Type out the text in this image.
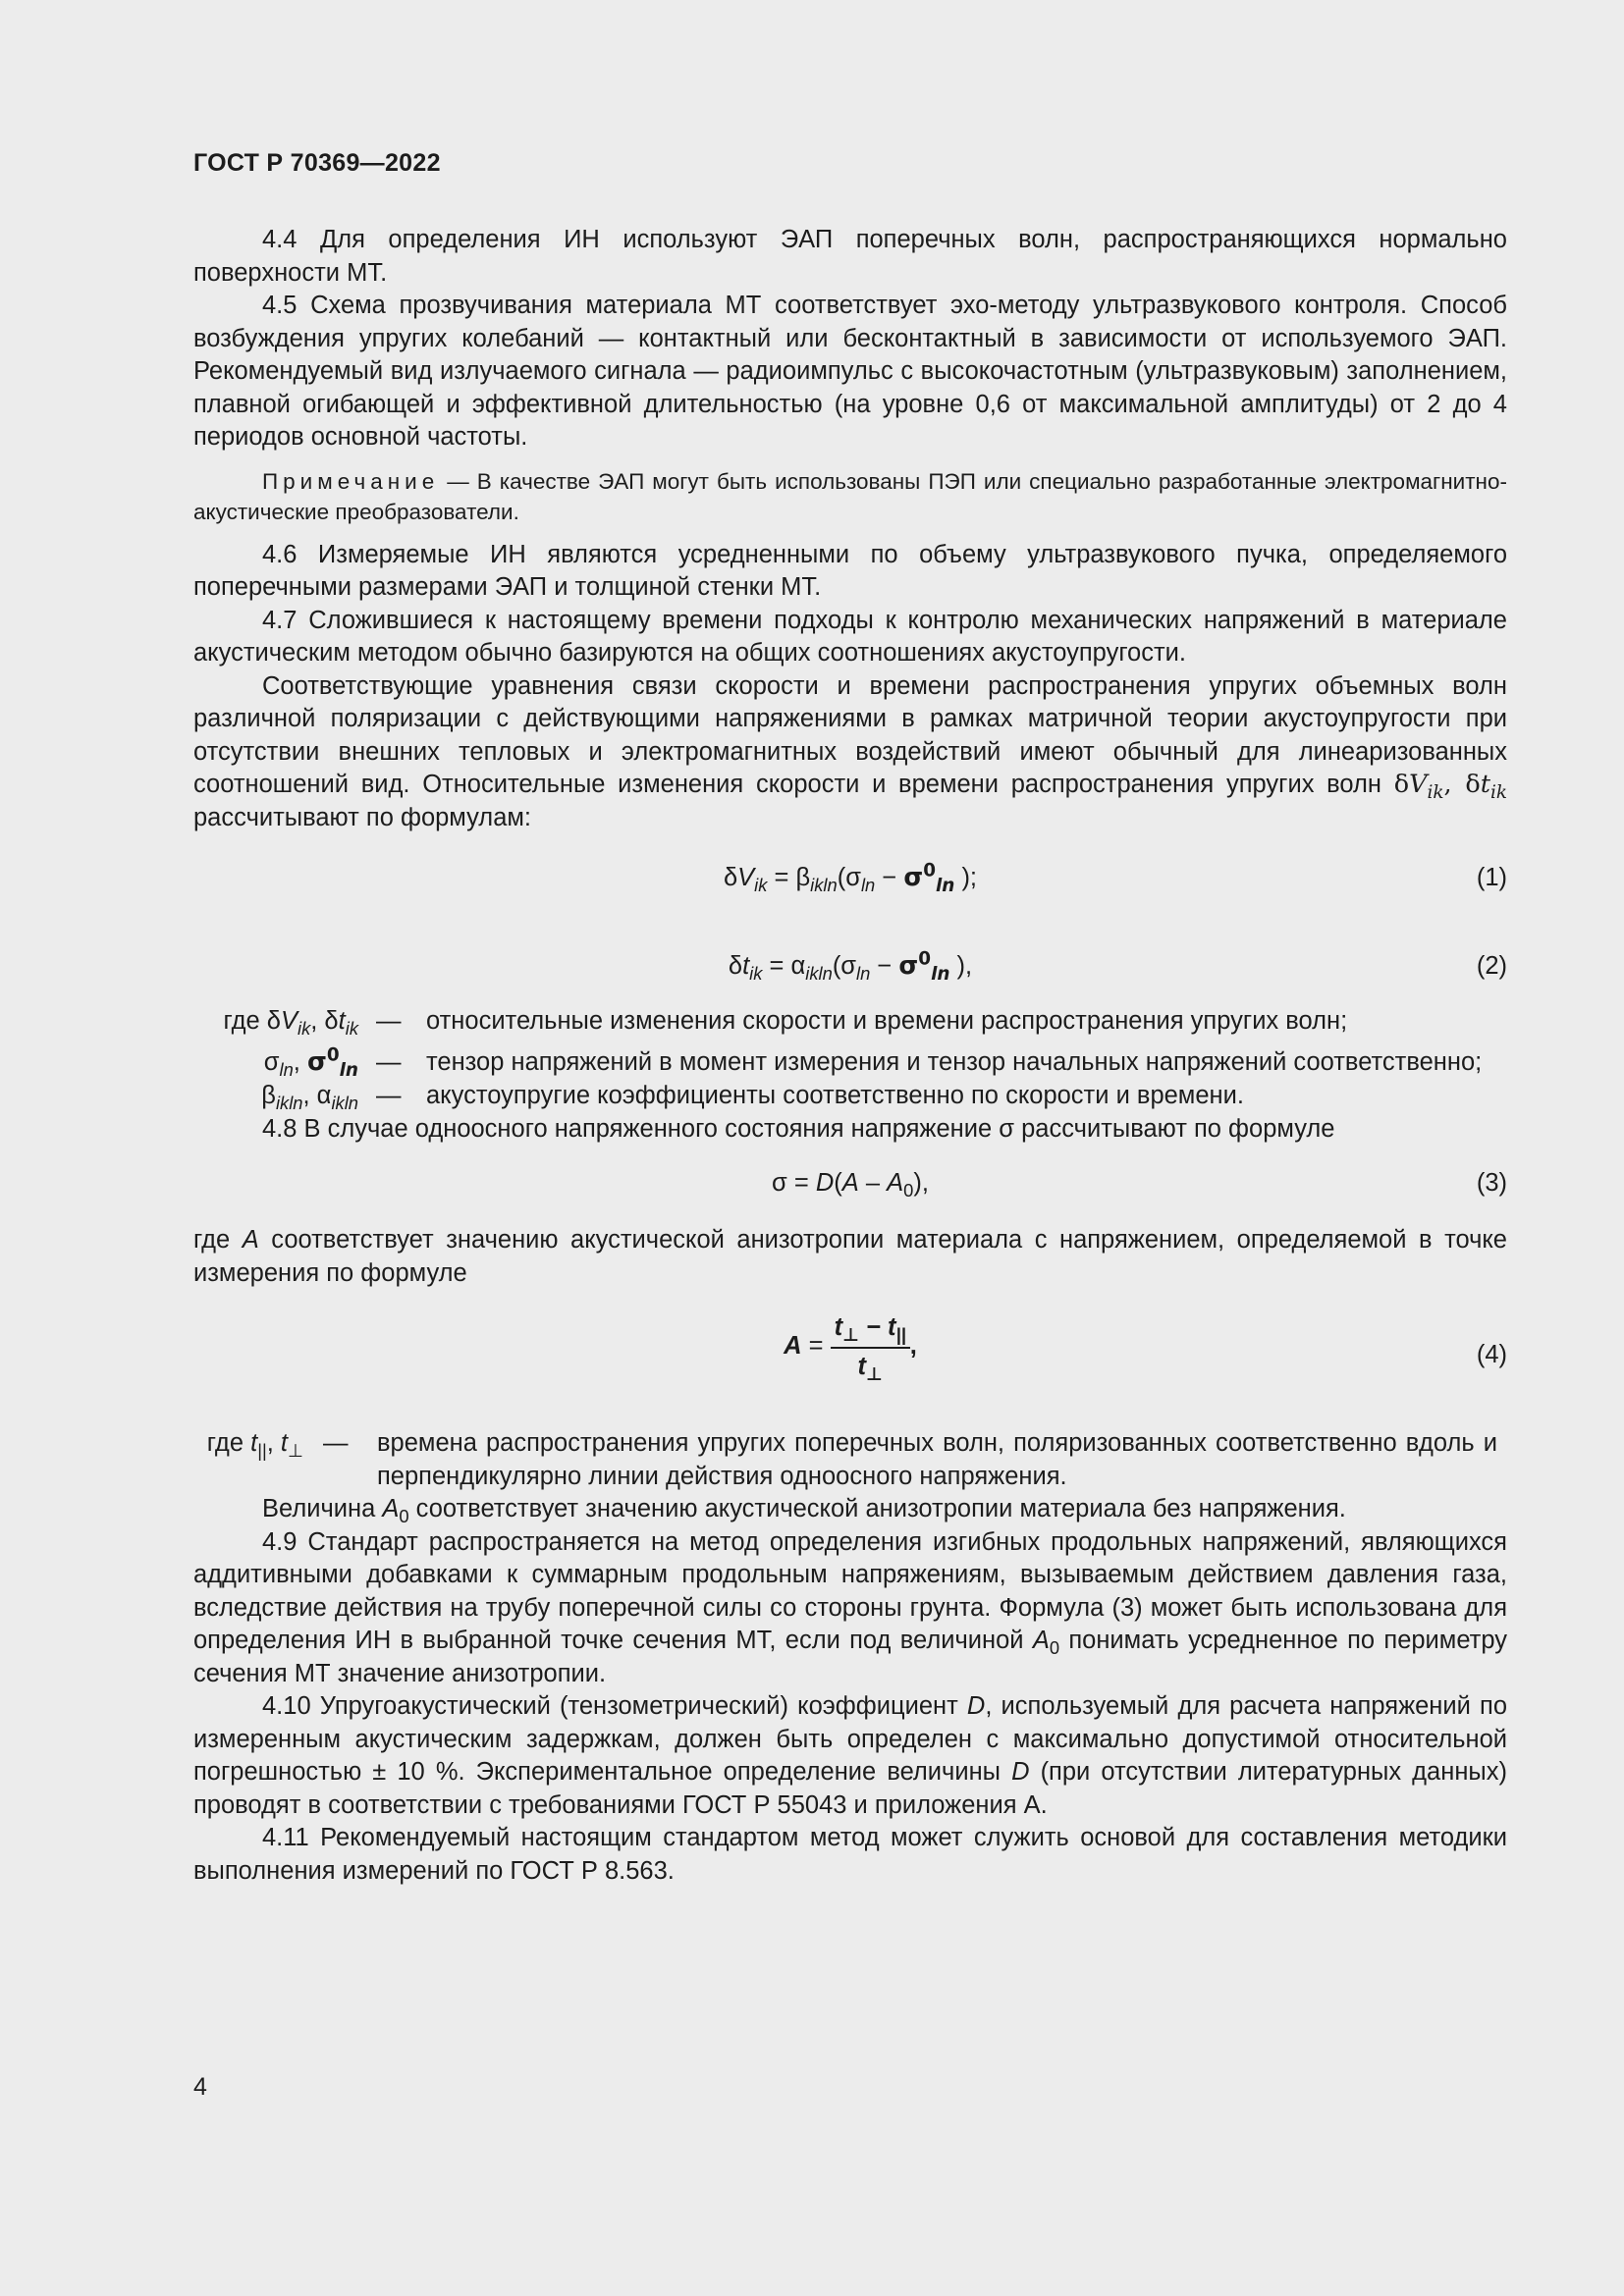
ГОСТ Р 70369—2022

4.4 Для определения ИН используют ЭАП поперечных волн, распространяющихся нормально поверхности МТ.

4.5 Схема прозвучивания материала МТ соответствует эхо-методу ультразвукового контроля. Способ возбуждения упругих колебаний — контактный или бесконтактный в зависимости от используемого ЭАП. Рекомендуемый вид излучаемого сигнала — радиоимпульс с высокочастотным (ультразвуковым) заполнением, плавной огибающей и эффективной длительностью (на уровне 0,6 от максимальной амплитуды) от 2 до 4 периодов основной частоты.

Примечание — В качестве ЭАП могут быть использованы ПЭП или специально разработанные электромагнитно-акустические преобразователи.

4.6 Измеряемые ИН являются усредненными по объему ультразвукового пучка, определяемого поперечными размерами ЭАП и толщиной стенки МТ.

4.7 Сложившиеся к настоящему времени подходы к контролю механических напряжений в материале акустическим методом обычно базируются на общих соотношениях акустоупругости.

Соответствующие уравнения связи скорости и времени распространения упругих объемных волн различной поляризации с действующими напряжениями в рамках матричной теории акустоупругости при отсутствии внешних тепловых и электромагнитных воздействий имеют обычный для линеаризованных соотношений вид. Относительные изменения скорости и времени распространения упругих волн $\delta V_{ik}$, $\delta t_{ik}$ рассчитывают по формулам:

$\delta V_{ik} = \beta_{ikln}(\sigma_{ln} - \sigma^0_{ln}$ );	(1)
$\delta t_{ik} = \alpha_{ikln}(\sigma_{ln} - \sigma^0_{ln}$ ),	(2)
где $\delta V_{ik}$, $\delta t_{ik}$ — относительные изменения скорости и времени распространения упругих волн;
$\sigma_{ln}$, $\sigma^0_{ln}$ — тензор напряжений в момент измерения и тензор начальных напряжений соответственно;
$\beta_{ikln}$, $\alpha_{ikln}$ — акустоупругие коэффициенты соответственно по скорости и времени.

4.8 В случае одноосного напряженного состояния напряжение σ рассчитывают по формуле

$\sigma = D(A - A_0)$,	(3)

где A соответствует значению акустической анизотропии материала с напряжением, определяемой в точке измерения по формуле

$A = \frac{t_\perp - t_{||}}{t_\perp}$ ,	(4)
где $t_{||}$, $t_\perp$ — времена распространения упругих поперечных волн, поляризованных соответственно вдоль и перпендикулярно линии действия одноосного напряжения.

Величина $A_0$ соответствует значению акустической анизотропии материала без напряжения.

4.9 Стандарт распространяется на метод определения изгибных продольных напряжений, являющихся аддитивными добавками к суммарным продольным напряжениям, вызываемым действием давления газа, вследствие действия на трубу поперечной силы со стороны грунта. Формула (3) может быть использована для определения ИН в выбранной точке сечения МТ, если под величиной $A_0$ понимать усредненное по периметру сечения МТ значение анизотропии.

4.10 Упругоакустический (тензометрический) коэффициент D, используемый для расчета напряжений по измеренным акустическим задержкам, должен быть определен с максимально допустимой относительной погрешностью ± 10 %. Экспериментальное определение величины D (при отсутствии литературных данных) проводят в соответствии с требованиями ГОСТ Р 55043 и приложения А.

4.11 Рекомендуемый настоящим стандартом метод может служить основой для составления методики выполнения измерений по ГОСТ Р 8.563.

4
